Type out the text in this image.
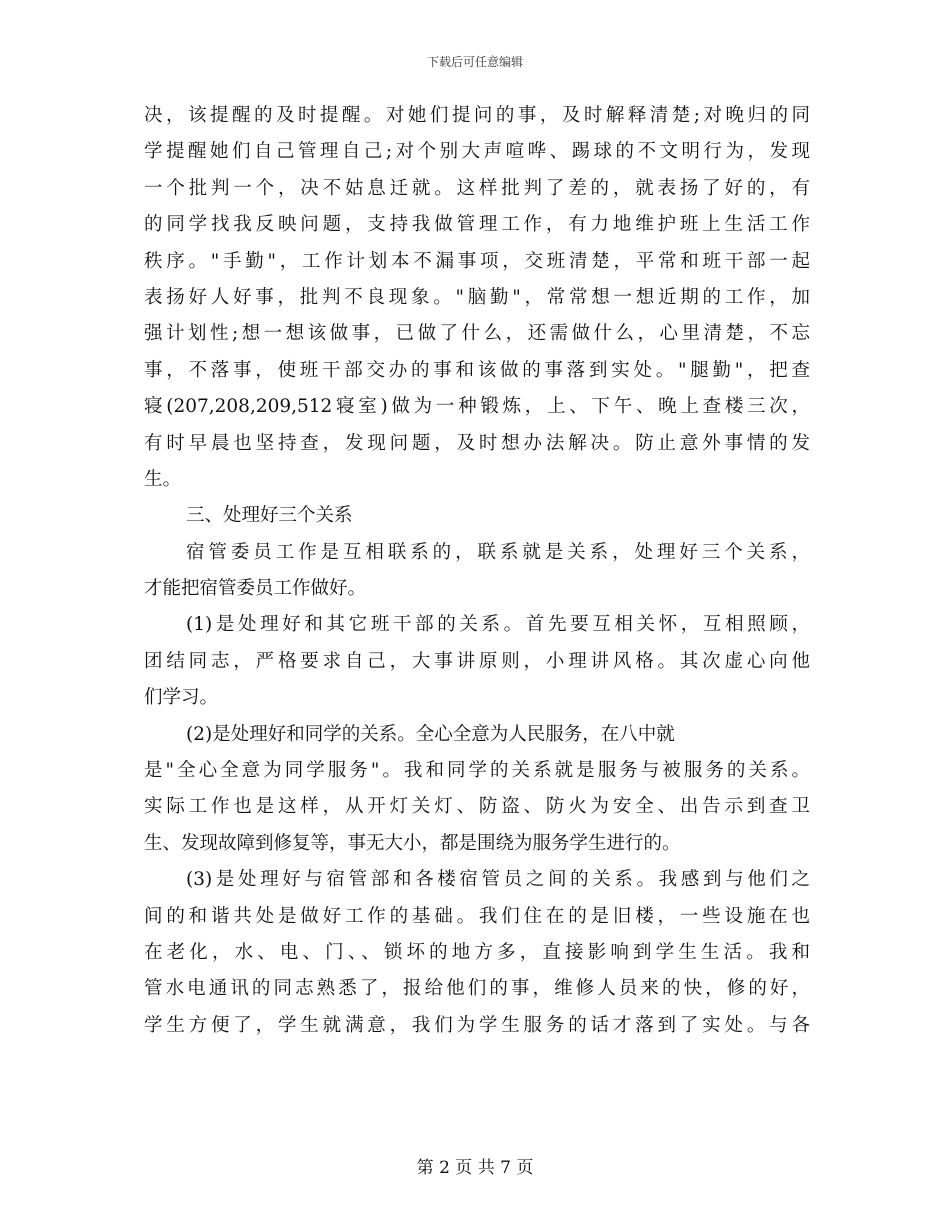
下载后可任意编辑
决，该提醒的及时提醒。对她们提问的事，及时解释清楚;对晚归的同
学提醒她们自己管理自己;对个别大声喧哗、踢球的不文明行为，发现
一个批判一个，决不姑息迁就。这样批判了差的，就表扬了好的，有
的同学找我反映问题，支持我做管理工作，有力地维护班上生活工作
秩序。"手勤"，工作计划本不漏事项，交班清楚，平常和班干部一起
表扬好人好事，批判不良现象。"脑勤"，常常想一想近期的工作，加
强计划性;想一想该做事，已做了什么，还需做什么，心里清楚，不忘
事，不落事，使班干部交办的事和该做的事落到实处。"腿勤"，把查
寝(207,208,209,512寝室)做为一种锻炼，上、下午、晚上查楼三次，
有时早晨也坚持查，发现问题，及时想办法解决。防止意外事情的发
生。
三、处理好三个关系
宿管委员工作是互相联系的，联系就是关系，处理好三个关系，
才能把宿管委员工作做好。
(1)是处理好和其它班干部的关系。首先要互相关怀，互相照顾，
团结同志，严格要求自己，大事讲原则，小理讲风格。其次虚心向他
们学习。
(2)是处理好和同学的关系。全心全意为人民服务，在八中就
是"全心全意为同学服务"。我和同学的关系就是服务与被服务的关系。
实际工作也是这样，从开灯关灯、防盗、防火为安全、出告示到查卫
生、发现故障到修复等，事无大小，都是围绕为服务学生进行的。
(3)是处理好与宿管部和各楼宿管员之间的关系。我感到与他们之
间的和谐共处是做好工作的基础。我们住在的是旧楼，一些设施在也
在老化，水、电、门、、锁坏的地方多，直接影响到学生生活。我和
管水电通讯的同志熟悉了，报给他们的事，维修人员来的快，修的好，
学生方便了，学生就满意，我们为学生服务的话才落到了实处。与各
第 2 页 共 7 页
